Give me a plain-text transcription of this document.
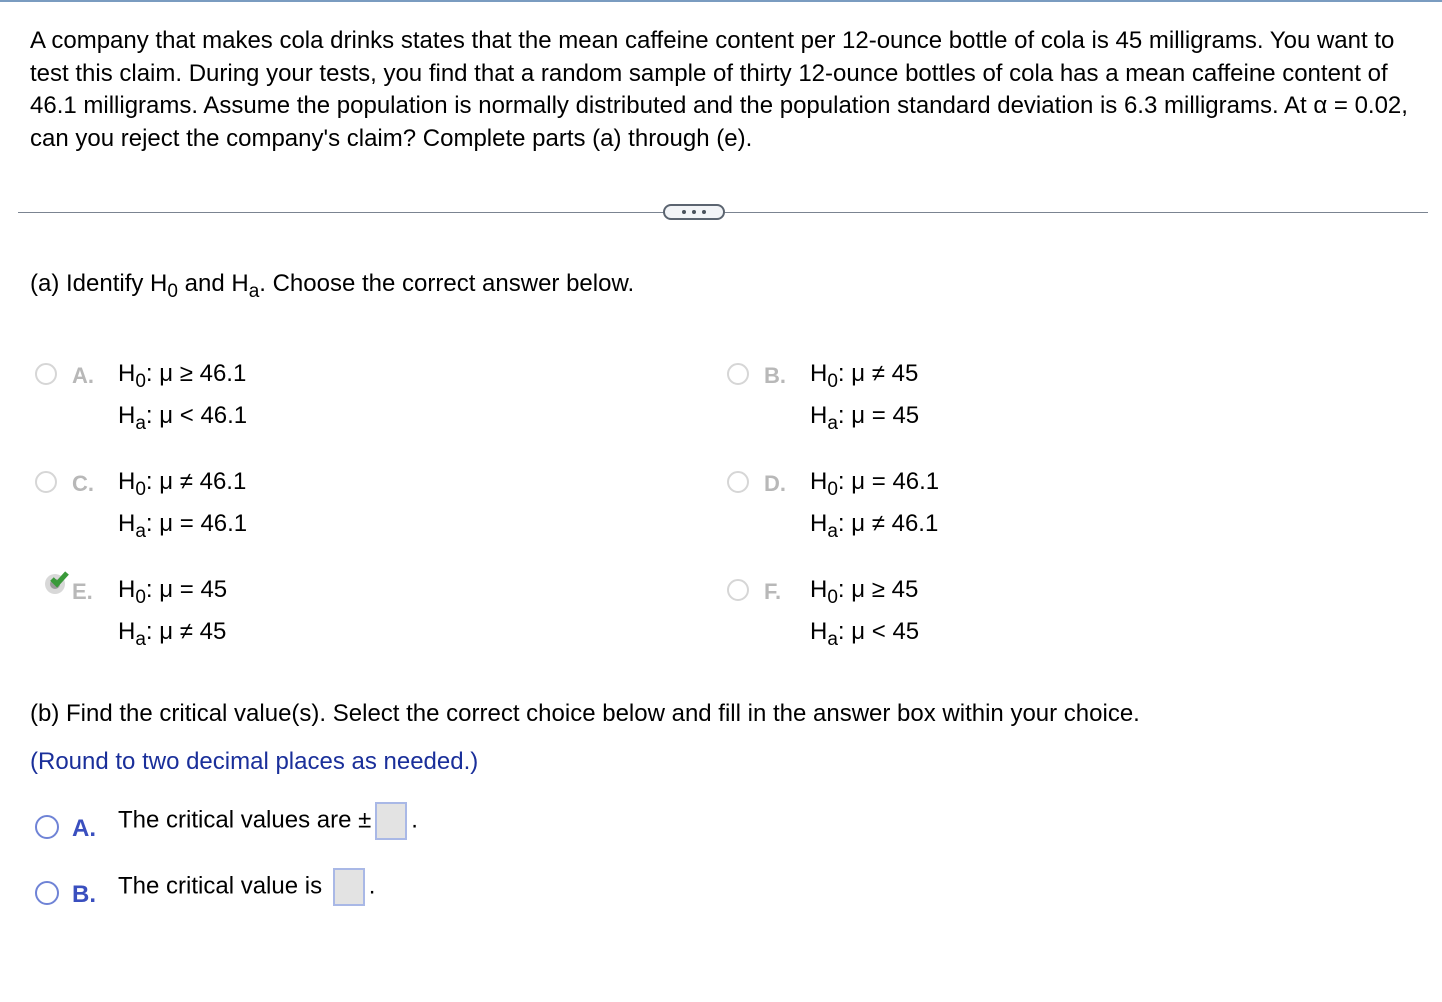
A company that makes cola drinks states that the mean caffeine content per 12-ounce bottle of cola is 45 milligrams. You want to test this claim. During your tests, you find that a random sample of thirty 12-ounce bottles of cola has a mean caffeine content of 46.1 milligrams. Assume the population is normally distributed and the population standard deviation is 6.3 milligrams. At α = 0.02, can you reject the company's claim? Complete parts (a) through (e).
(a) Identify $H_0$ and $H_a$. Choose the correct answer below.
A. $H_0$: μ ≥ 46.1
$H_a$: μ < 46.1
B. $H_0$: μ ≠ 45
$H_a$: μ = 45
C. $H_0$: μ ≠ 46.1
$H_a$: μ = 46.1
D. $H_0$: μ = 46.1
$H_a$: μ ≠ 46.1
E. $H_0$: μ = 45
$H_a$: μ ≠ 45
F. $H_0$: μ ≥ 45
$H_a$: μ < 45
(b) Find the critical value(s). Select the correct choice below and fill in the answer box within your choice.
(Round to two decimal places as needed.)
A. The critical values are ± .
B. The critical value is .
